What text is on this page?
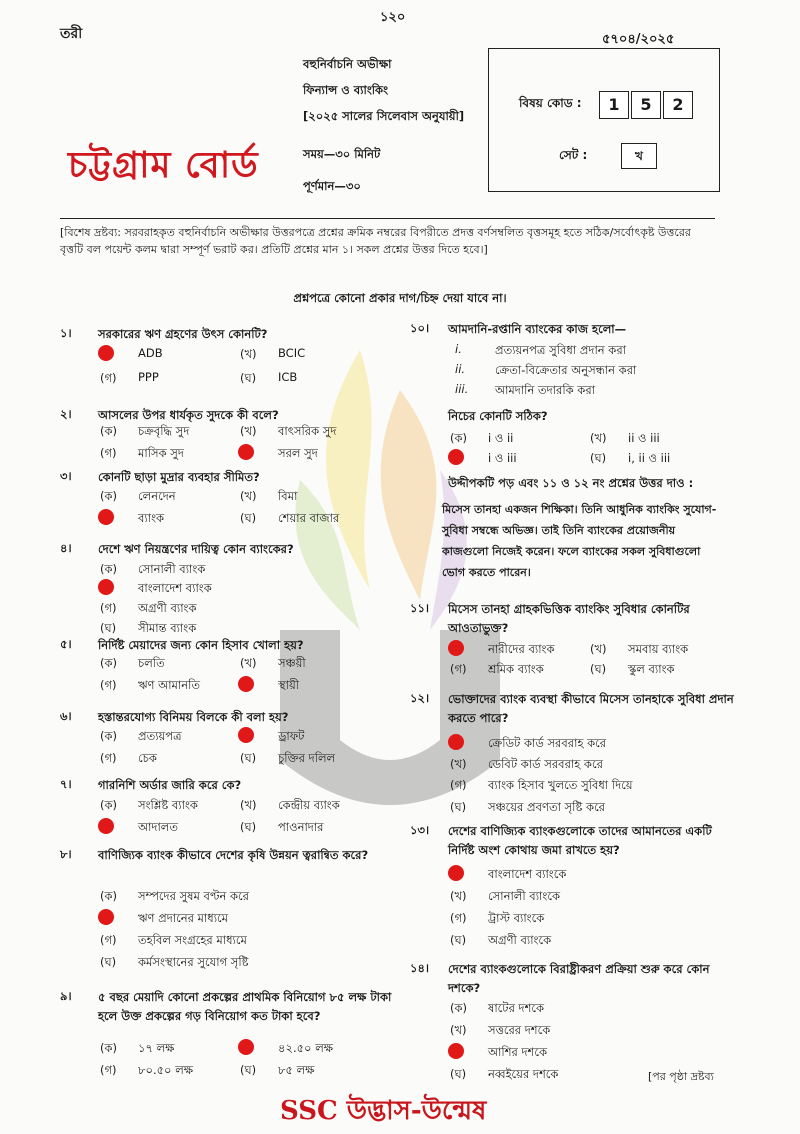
তরী
১২০
৫৭০৪/২০২৫
বহুনির্বাচনি অভীক্ষা
ফিন্যান্স ও ব্যাংকিং
[২০২৫ সালের সিলেবাস অনুযায়ী]
সময়—৩০ মিনিট
পূর্ণমান—৩০
চট্টগ্রাম বোর্ড
বিষয় কোড :	1	5	2
সেট :	খ
[বিশেষ দ্রষ্টব্য: সরবরাহকৃত বহুনির্বাচনি অভীক্ষার উত্তরপত্রে প্রশ্নের ক্রমিক নম্বরের বিপরীতে প্রদত্ত বর্ণসম্বলিত বৃত্তসমূহ হতে সঠিক/সর্বোৎকৃষ্ট উত্তরের বৃত্তটি বল পয়েন্ট কলম দ্বারা সম্পূর্ণ ভরাট কর। প্রতিটি প্রশ্নের মান ১। সকল প্রশ্নের উত্তর দিতে হবে।]
প্রশ্নপত্রে কোনো প্রকার দাগ/চিহ্ন দেয়া যাবে না।
১। সরকারের ঋণ গ্রহণের উৎস কোনটি?
ADB	(খ) BCIC
(গ) PPP	(ঘ) ICB
২। আসলের উপর ধার্যকৃত সুদকে কী বলে?
(ক) চক্রবৃদ্ধি সুদ	(খ) বাৎসরিক সুদ
(গ) মাসিক সুদ	সরল সুদ
৩। কোনটি ছাড়া মুদ্রার ব্যবহার সীমিত?
(ক) লেনদেন	(খ) বিমা
ব্যাংক	(ঘ) শেয়ার বাজার
৪। দেশে ঋণ নিয়ন্ত্রণের দায়িত্ব কোন ব্যাংকের?
(ক) সোনালী ব্যাংক
বাংলাদেশ ব্যাংক
(গ) অগ্রণী ব্যাংক
(ঘ) সীমান্ত ব্যাংক
৫। নির্দিষ্ট মেয়াদের জন্য কোন হিসাব খোলা হয়?
(ক) চলতি	(খ) সঞ্চয়ী
(গ) ঋণ আমানতি	স্থায়ী
৬। হস্তান্তরযোগ্য বিনিময় বিলকে কী বলা হয়?
(ক) প্রত্যয়পত্র	ড্রাফট
(গ) চেক	(ঘ) চুক্তির দলিল
৭। গারনিশি অর্ডার জারি করে কে?
(ক) সংশ্লিষ্ট ব্যাংক	(খ) কেন্দ্রীয় ব্যাংক
আদালত	(ঘ) পাওনাদার
৮। বাণিজ্যিক ব্যাংক কীভাবে দেশের কৃষি উন্নয়ন ত্বরান্বিত করে?
(ক) সম্পদের সুষম বণ্টন করে
ঋণ প্রদানের মাধ্যমে
(গ) তহবিল সংগ্রহের মাধ্যমে
(ঘ) কর্মসংস্থানের সুযোগ সৃষ্টি
৯। ৫ বছর মেয়াদি কোনো প্রকল্পের প্রাথমিক বিনিয়োগ ৮৫ লক্ষ টাকা হলে উক্ত প্রকল্পের গড় বিনিয়োগ কত টাকা হবে?
(ক) ১৭ লক্ষ	৪২.৫০ লক্ষ
(গ) ৮০.৫০ লক্ষ	(ঘ) ৮৫ লক্ষ
১০। আমদানি-রপ্তানি ব্যাংকের কাজ হলো—
i.	প্রত্যয়নপত্র সুবিধা প্রদান করা
ii.	ক্রেতা-বিক্রেতার অনুসন্ধান করা
iii. আমদানি তদারকি করা
নিচের কোনটি সঠিক?
(ক) i ও ii	(খ) ii ও iii
i ও iii	(ঘ) i, ii ও iii
উদ্দীপকটি পড় এবং ১১ ও ১২ নং প্রশ্নের উত্তর দাও :
১১। মিসেস তানহা গ্রাহকভিত্তিক ব্যাংকিং সুবিধার কোনটির আওতাভুক্ত?
নারীদের ব্যাংক	(খ) সমবায় ব্যাংক
(গ) শ্রমিক ব্যাংক	(ঘ) স্কুল ব্যাংক
১২। ভোক্তাদের ব্যাংক ব্যবস্থা কীভাবে মিসেস তানহাকে সুবিধা প্রদান করতে পারে?
ক্রেডিট কার্ড সরবরাহ করে
(খ) ডেবিট কার্ড সরবরাহ করে
(গ) ব্যাংক হিসাব খুলতে সুবিধা দিয়ে
(ঘ) সঞ্চয়ের প্রবণতা সৃষ্টি করে
১৩। দেশের বাণিজ্যিক ব্যাংকগুলোকে তাদের আমানতের একটি নির্দিষ্ট অংশ কোথায় জমা রাখতে হয়?
বাংলাদেশ ব্যাংকে
(খ) সোনালী ব্যাংকে
(গ) ট্রাস্ট ব্যাংকে
(ঘ) অগ্রণী ব্যাংকে
১৪। দেশের ব্যাংকগুলোকে বিরাষ্ট্রীকরণ প্রক্রিয়া শুরু করে কোন দশকে?
(ক) ষাটের দশকে
(খ) সত্তরের দশকে
আশির দশকে
(ঘ) নব্বইয়ের দশকে
মিসেস তানহা একজন শিক্ষিকা। তিনি আধুনিক ব্যাংকিং সুযোগ-সুবিধা সম্বন্ধে অভিজ্ঞ। তাই তিনি ব্যাংকের প্রয়োজনীয় কাজগুলো নিজেই করেন। ফলে ব্যাংকের সকল সুবিধাগুলো ভোগ করতে পারেন।
[পর পৃষ্ঠা দ্রষ্টব্য
SSC উদ্ভাস-উন্মেষ
